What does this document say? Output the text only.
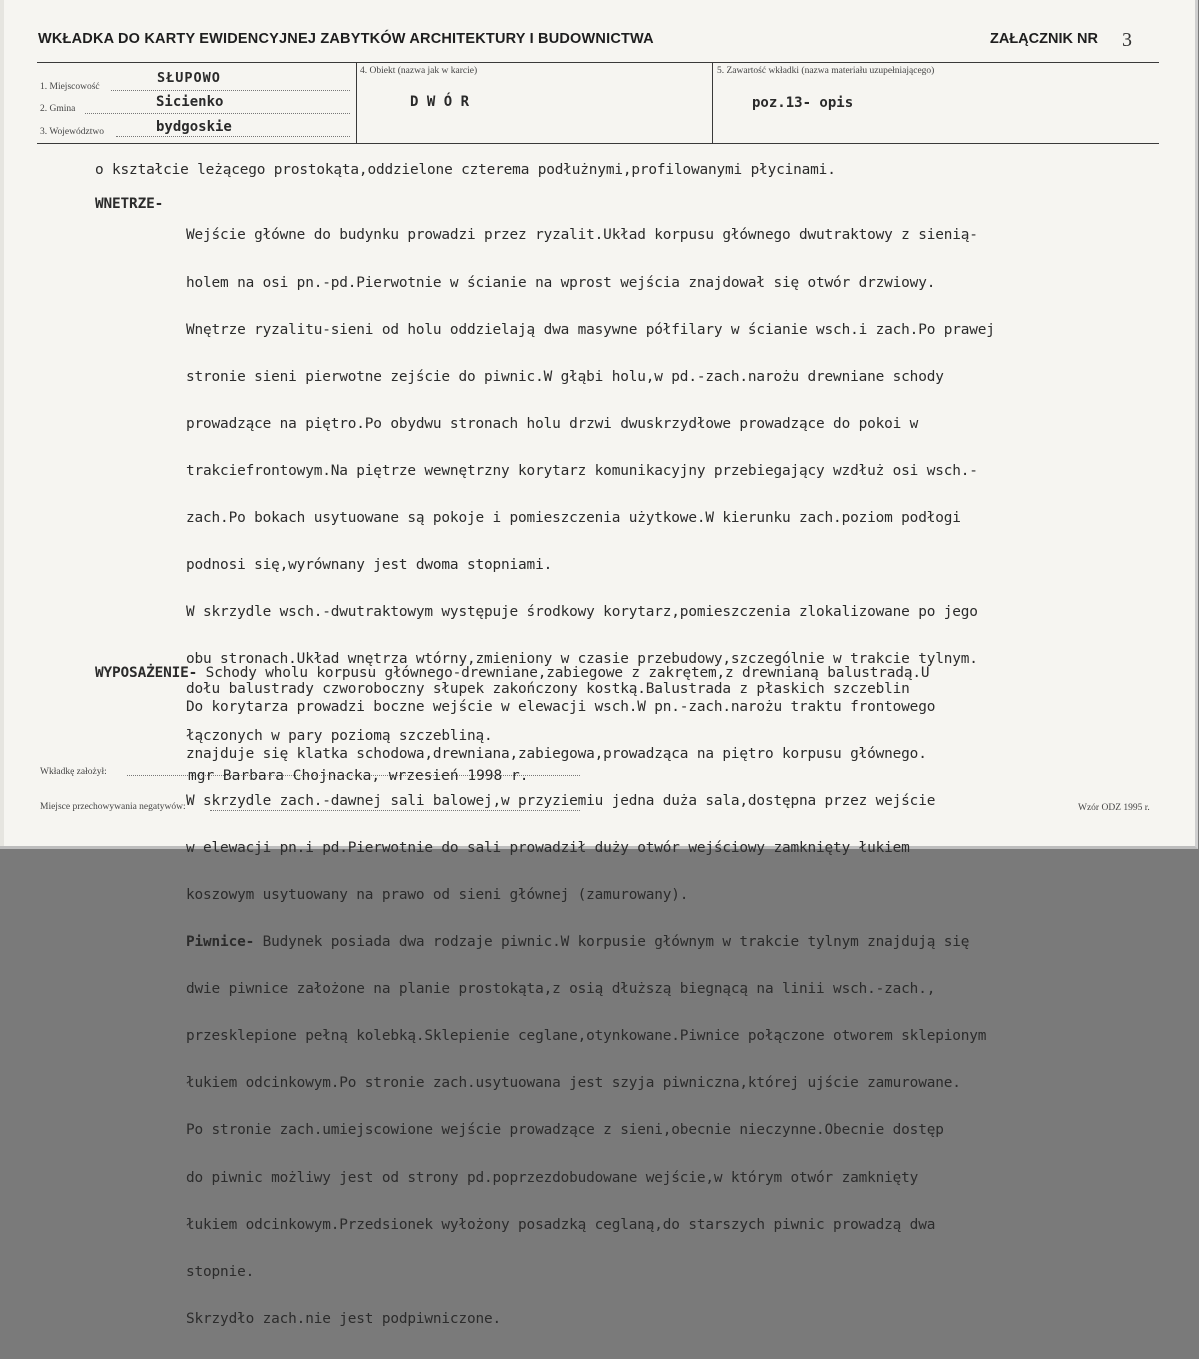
WKŁADKA DO KARTY EWIDENCYJNEJ ZABYTKÓW ARCHITEKTURY I BUDOWNICTWA	ZAŁĄCZNIK NR 3
1. Miejscowość
SŁUPOWO
2. Gmina	Sicienko
3. Województwo	bydgoskie
4. Obiekt (nazwa jak w karcie)
D W Ó R
5. Zawartość wkładki (nazwa materiału uzupełniającego)
poz.13- opis
o kształcie leżącego prostokąta,oddzielone czterema podłużnymi,profilowanymi płycinami.
WNETRZE-

Wejście główne do budynku prowadzi przez ryzalit.Układ korpusu głównego dwutraktowy z sienią-

holem na osi pn.-pd.Pierwotnie w ścianie na wprost wejścia znajdował się otwór drzwiowy.

Wnętrze ryzalitu-sieni od holu oddzielają dwa masywne półfilary w ścianie wsch.i zach.Po prawej

stronie sieni pierwotne zejście do piwnic.W głąbi holu,w pd.-zach.narożu drewniane schody

prowadzące na piętro.Po obydwu stronach holu drzwi dwuskrzydłowe prowadzące do pokoi w

trakciefrontowym.Na piętrze wewnętrzny korytarz komunikacyjny przebiegający wzdłuż osi wsch.-

zach.Po bokach usytuowane są pokoje i pomieszczenia użytkowe.W kierunku zach.poziom podłogi

podnosi się,wyrównany jest dwoma stopniami.

W skrzydle wsch.-dwutraktowym występuje środkowy korytarz,pomieszczenia zlokalizowane po jego

obu stronach.Układ wnętrza wtórny,zmieniony w czasie przebudowy,szczególnie w trakcie tylnym.

Do korytarza prowadzi boczne wejście w elewacji wsch.W pn.-zach.narożu traktu frontowego

znajduje się klatka schodowa,drewniana,zabiegowa,prowadząca na piętro korpusu głównego.

W skrzydle zach.-dawnej sali balowej,w przyziemiu jedna duża sala,dostępna przez wejście

w elewacji pn.i pd.Pierwotnie do sali prowadził duży otwór wejściowy zamknięty łukiem

koszowym usytuowany na prawo od sieni głównej (zamurowany).

Piwnice- Budynek posiada dwa rodzaje piwnic.W korpusie głównym w trakcie tylnym znajdują się

dwie piwnice założone na planie prostokąta,z osią dłuższą biegnącą na linii wsch.-zach.,

przesklepione pełną kolebką.Sklepienie ceglane,otynkowane.Piwnice połączone otworem sklepionym

łukiem odcinkowym.Po stronie zach.usytuowana jest szyja piwniczna,której ujście zamurowane.

Po stronie zach.umiejscowione wejście prowadzące z sieni,obecnie nieczynne.Obecnie dostęp

do piwnic możliwy jest od strony pd.poprzezdobudowane wejście,w którym otwór zamknięty

łukiem odcinkowym.Przedsionek wyłożony posadzką ceglaną,do starszych piwnic prowadzą dwa

stopnie.

Skrzydło zach.nie jest podpiwniczone.

WYPOSAŻENIE- Schody wholu korpusu głównego-drewniane,zabiegowe z zakrętem,z drewnianą balustradą.U

dołu balustrady czworoboczny słupek zakończony kostką.Balustrada z płaskich szczeblin

łączonych w pary poziomą szczebliną.

Wkładkę założył:	mgr Barbara Chojnacka, wrzesień 1998 r.
Miejsce przechowywania negatywów:	Wzór ODZ 1995 r.
